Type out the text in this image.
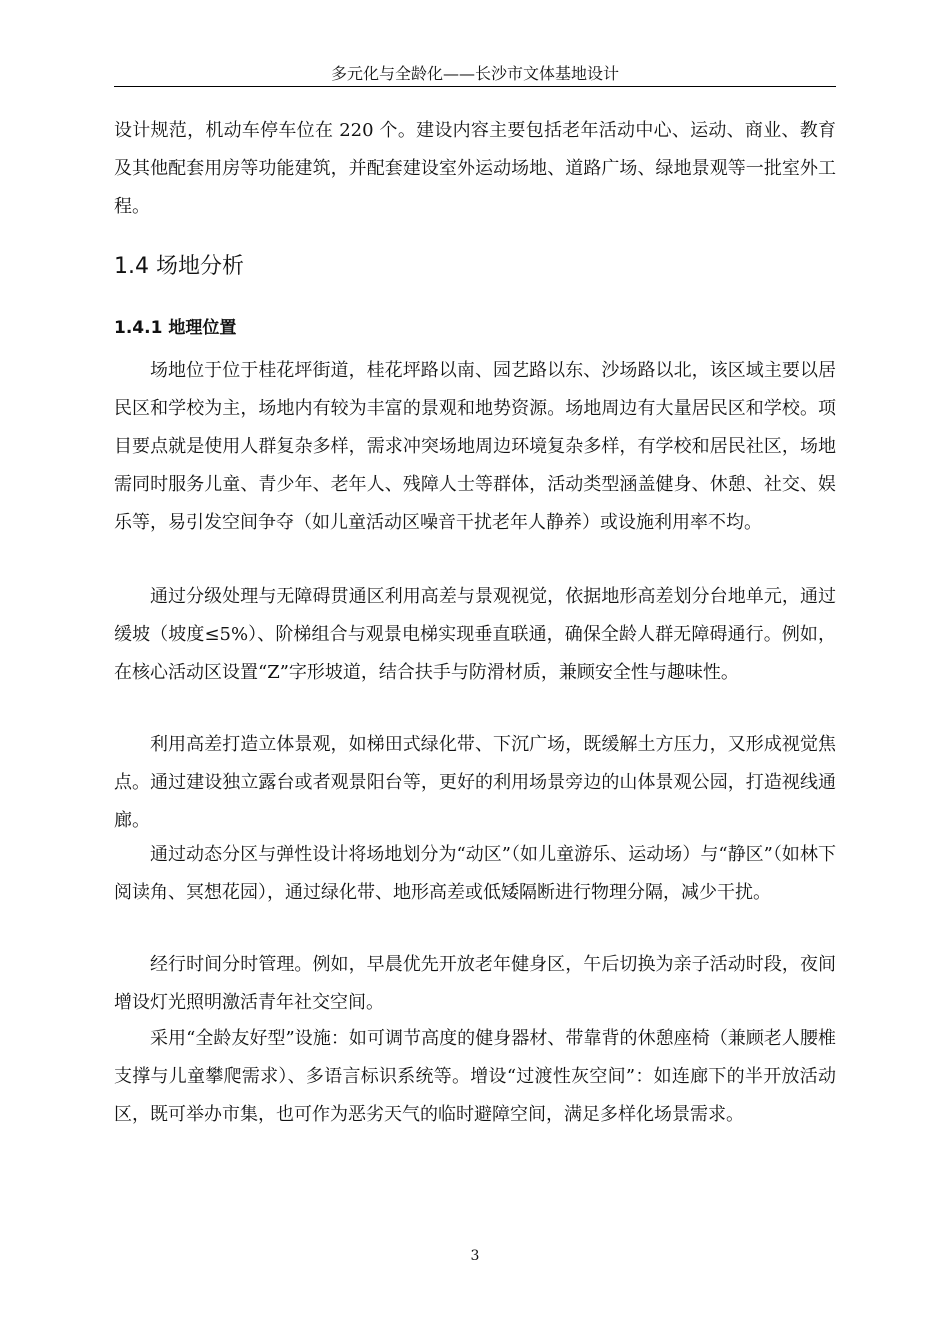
多元化与全龄化——长沙市文体基地设计

设计规范，机动车停车位在 220 个。建设内容主要包括老年活动中心、运动、商业、教育及其他配套用房等功能建筑，并配套建设室外运动场地、道路广场、绿地景观等一批室外工程。

1.4 场地分析
1.4.1 地理位置

场地位于位于桂花坪街道，桂花坪路以南、园艺路以东、沙场路以北，该区域主要以居民区和学校为主，场地内有较为丰富的景观和地势资源。场地周边有大量居民区和学校。项目要点就是使用人群复杂多样，需求冲突场地周边环境复杂多样，有学校和居民社区，场地需同时服务儿童、青少年、老年人、残障人士等群体，活动类型涵盖健身、休憩、社交、娱乐等，易引发空间争夺（如儿童活动区噪音干扰老年人静养）或设施利用率不均。

通过分级处理与无障碍贯通区利用高差与景观视觉，依据地形高差划分台地单元，通过缓坡（坡度≤5%）、阶梯组合与观景电梯实现垂直联通，确保全龄人群无障碍通行。例如，在核心活动区设置“Z”字形坡道，结合扶手与防滑材质，兼顾安全性与趣味性。

利用高差打造立体景观，如梯田式绿化带、下沉广场，既缓解土方压力，又形成视觉焦点。通过建设独立露台或者观景阳台等，更好的利用场景旁边的山体景观公园，打造视线通廊。

通过动态分区与弹性设计将场地划分为“动区”（如儿童游乐、运动场）与“静区”（如林下阅读角、冥想花园），通过绿化带、地形高差或低矮隔断进行物理分隔，减少干扰。

经行时间分时管理。例如，早晨优先开放老年健身区，午后切换为亲子活动时段，夜间增设灯光照明激活青年社交空间。

采用“全龄友好型”设施：如可调节高度的健身器材、带靠背的休憩座椅（兼顾老人腰椎支撑与儿童攀爬需求）、多语言标识系统等。增设“过渡性灰空间”：如连廊下的半开放活动区，既可举办市集，也可作为恶劣天气的临时避障空间，满足多样化场景需求。

3
